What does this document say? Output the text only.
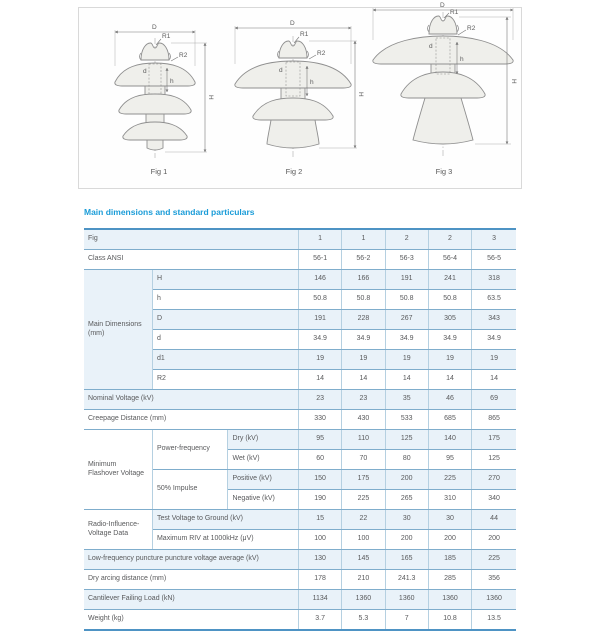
D
h
d
R1
R2
H
Fig 1
D
h
d
R1
R2
H
Fig 2
D
h
d
R1
R2
H
Fig 3
Main dimensions and standard particulars
Fig			1	1	2	2	3
Class ANSI			56-1	56-2	56-3	56-4	56-5
Main Dimensions (mm)	H		146	166	191	241	318
	h		50.8	50.8	50.8	50.8	63.5
	D		191	228	267	305	343
	d		34.9	34.9	34.9	34.9	34.9
	d1		19	19	19	19	19
	R2		14	14	14	14	14
Nominal Voltage (kV)			23	23	35	46	69
Creepage Distance (mm)			330	430	533	685	865
Minimum Flashover Voltage	Power-frequency	Dry (kV)	95	110	125	140	175
		Wet (kV)	60	70	80	95	125
	50% Impulse	Positive (kV)	150	175	200	225	270
		Negative (kV)	190	225	265	310	340
Radio-Influence-Voltage Data	Test Voltage to Ground (kV)		15	22	30	30	44
	Maximum RIV at 1000kHz (μV)		100	100	200	200	200
Low-frequency puncture puncture voltage average (kV)			130	145	165	185	225
Dry arcing distance (mm)			178	210	241.3	285	356
Cantilever Failing Load (kN)			1134	1360	1360	1360	1360
Weight (kg)			3.7	5.3	7	10.8	13.5
